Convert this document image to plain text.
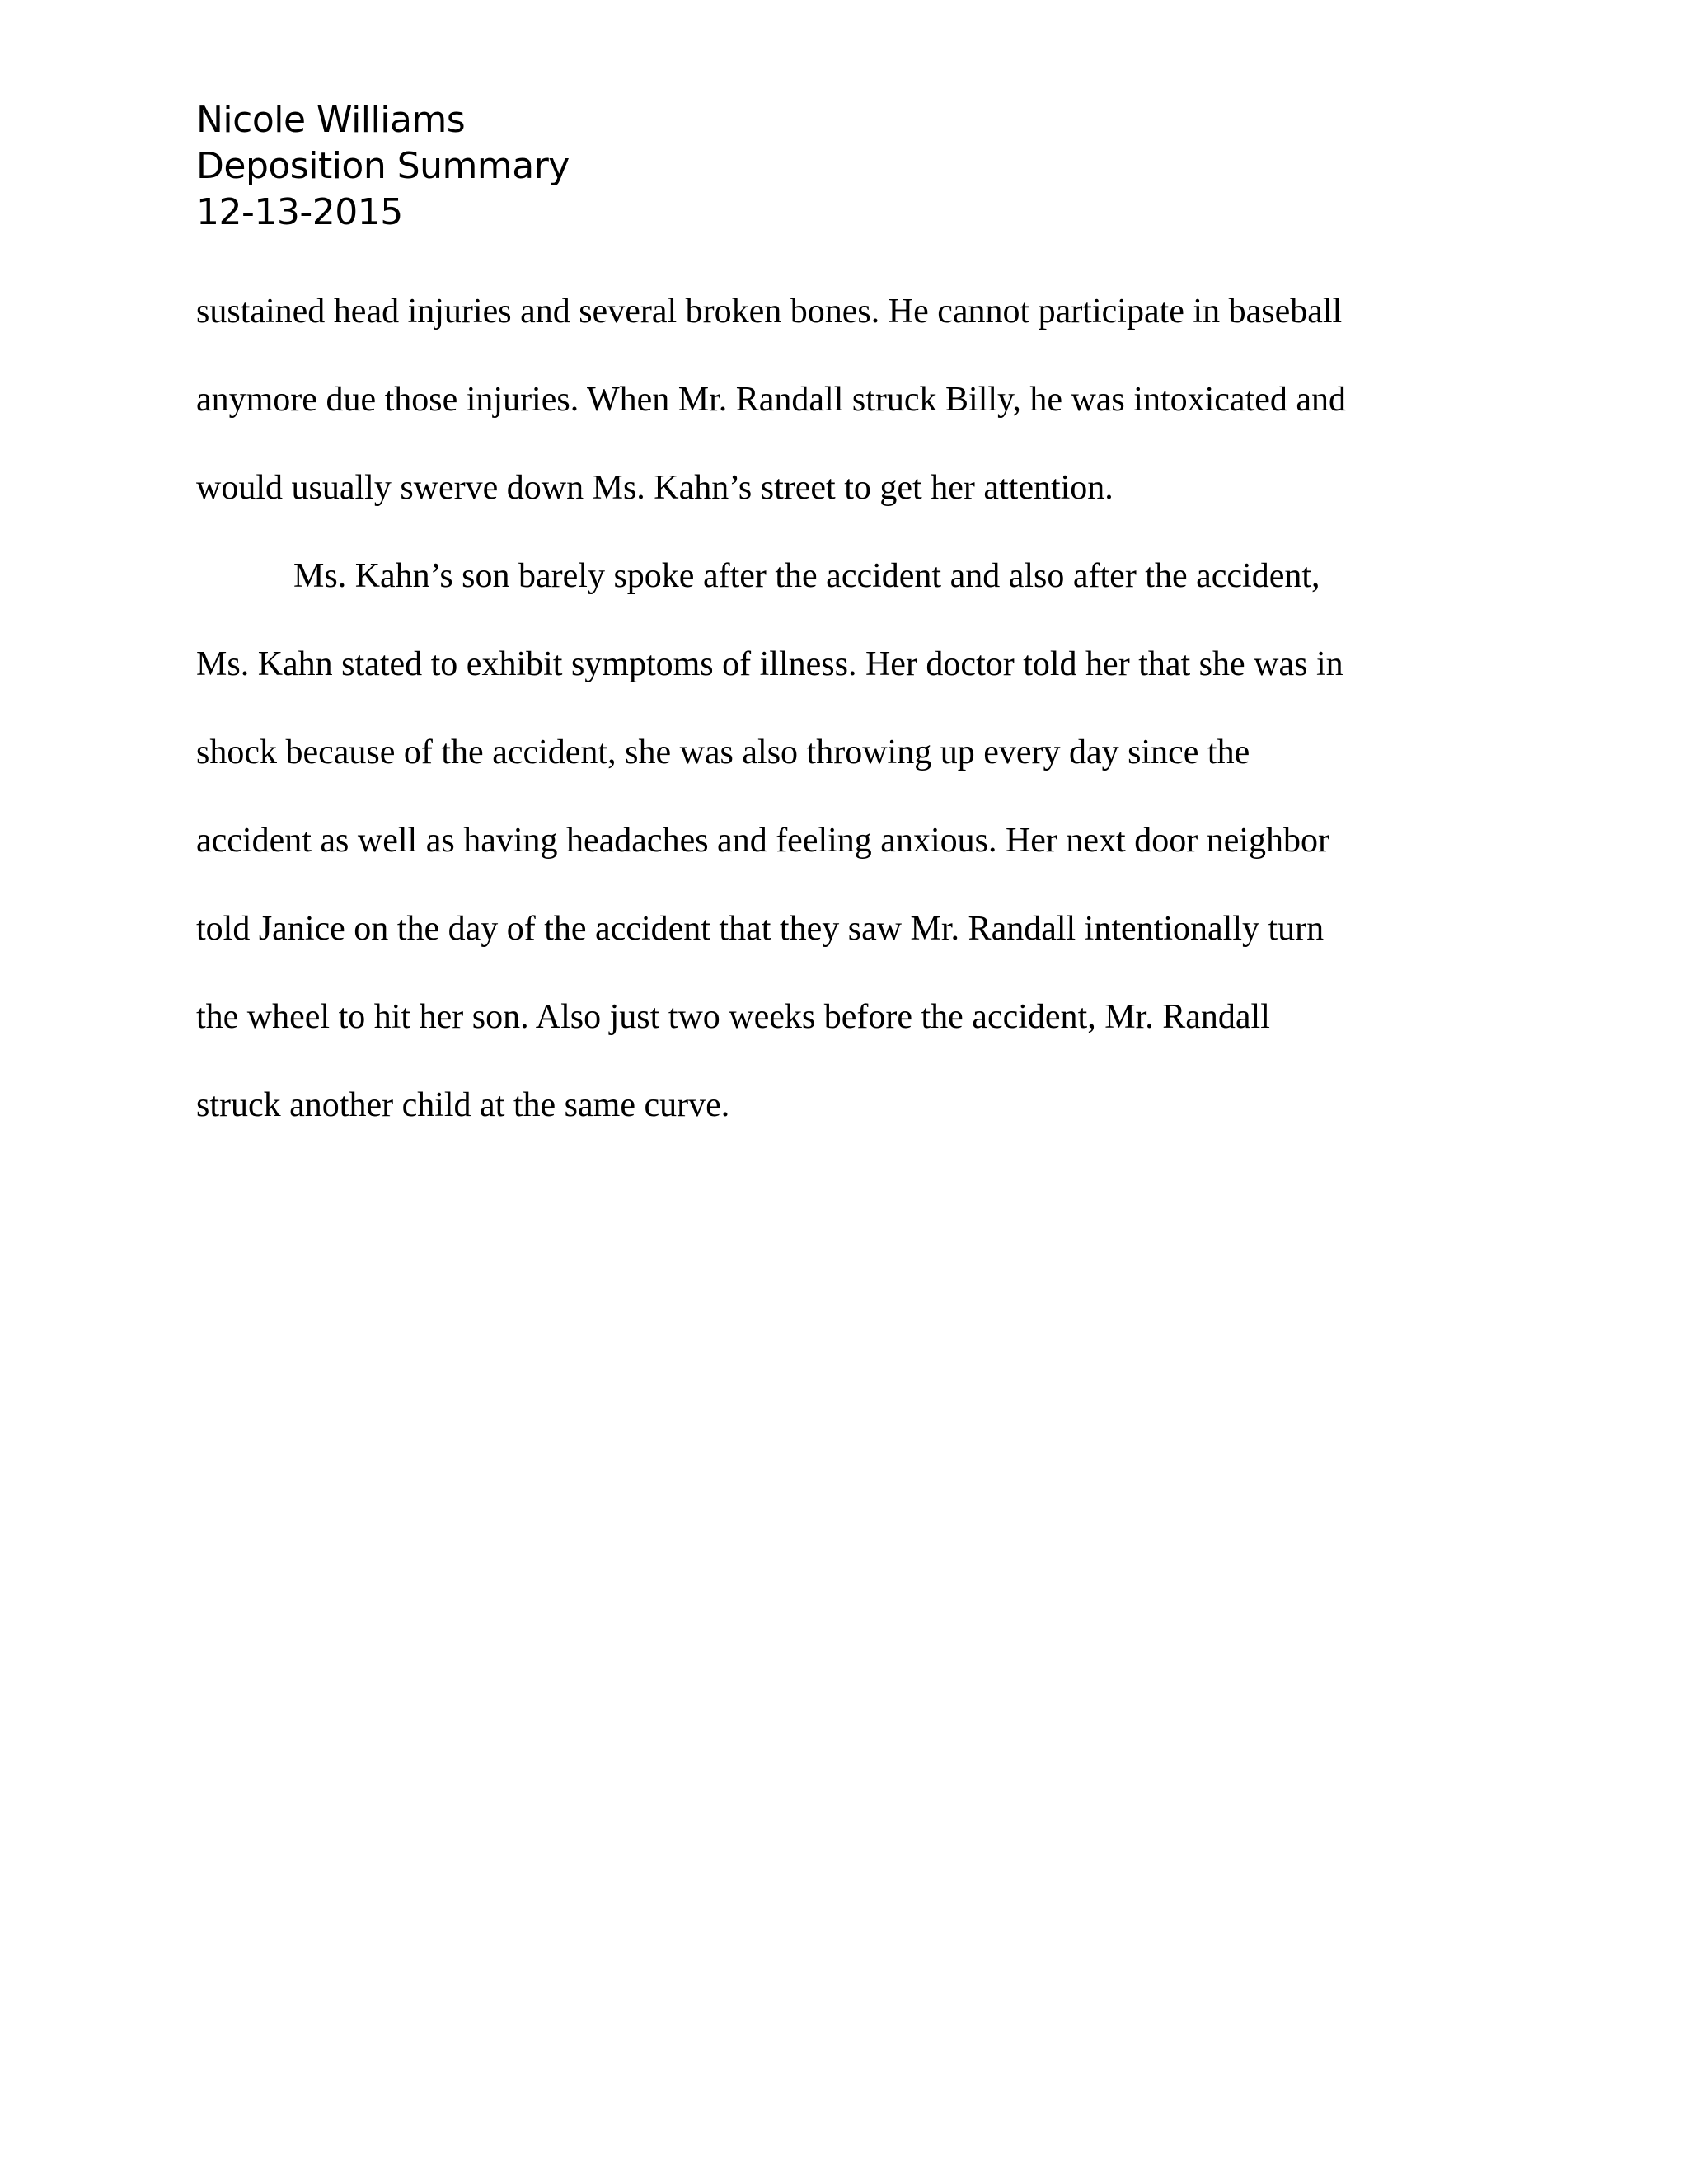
Nicole Williams
Deposition Summary
12-13-2015
sustained head injuries and several broken bones. He cannot participate in baseball
anymore due those injuries. When Mr. Randall struck Billy, he was intoxicated and
would usually swerve down Ms. Kahn’s street to get her attention.
Ms. Kahn’s son barely spoke after the accident and also after the accident,
Ms. Kahn stated to exhibit symptoms of illness. Her doctor told her that she was in
shock because of the accident, she was also throwing up every day since the
accident as well as having headaches and feeling anxious. Her next door neighbor
told Janice on the day of the accident that they saw Mr. Randall intentionally turn
the wheel to hit her son. Also just two weeks before the accident, Mr. Randall
struck another child at the same curve.
